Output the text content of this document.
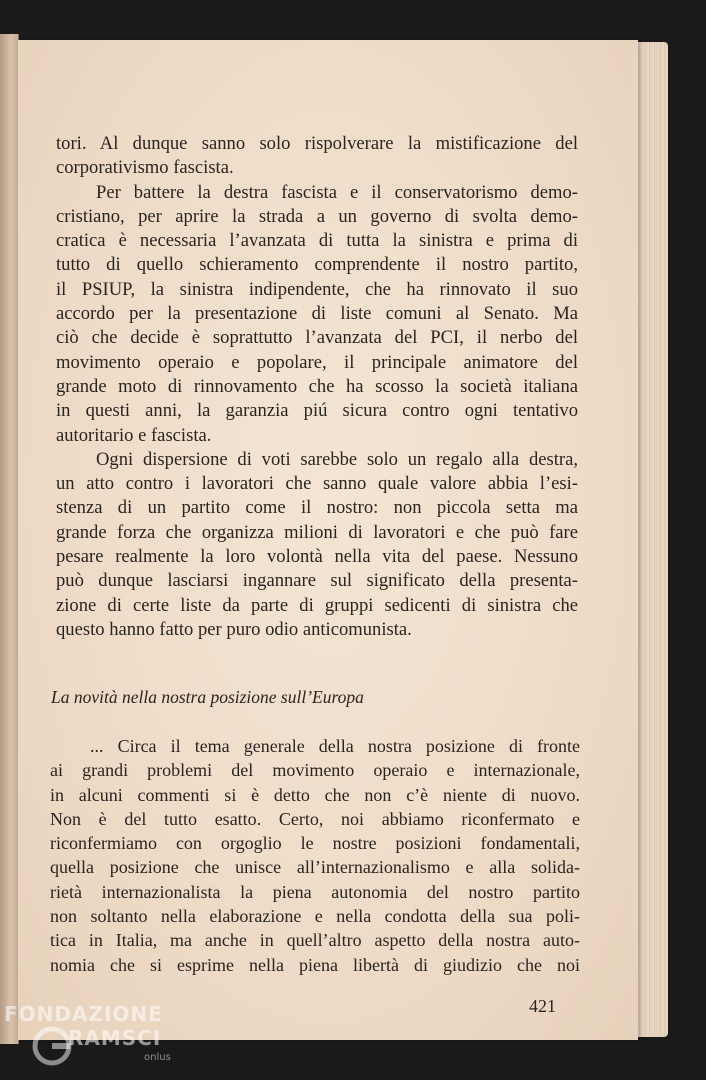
tori. Al dunque sanno solo rispolverare la mistificazione del
corporativismo fascista.
Per battere la destra fascista e il conservatorismo demo-
cristiano, per aprire la strada a un governo di svolta demo-
cratica è necessaria l’avanzata di tutta la sinistra e prima di
tutto di quello schieramento comprendente il nostro partito,
il PSIUP, la sinistra indipendente, che ha rinnovato il suo
accordo per la presentazione di liste comuni al Senato. Ma
ciò che decide è soprattutto l’avanzata del PCI, il nerbo del
movimento operaio e popolare, il principale animatore del
grande moto di rinnovamento che ha scosso la società italiana
in questi anni, la garanzia piú sicura contro ogni tentativo
autoritario e fascista.
Ogni dispersione di voti sarebbe solo un regalo alla destra,
un atto contro i lavoratori che sanno quale valore abbia l’esi-
stenza di un partito come il nostro: non piccola setta ma
grande forza che organizza milioni di lavoratori e che può fare
pesare realmente la loro volontà nella vita del paese. Nessuno
può dunque lasciarsi ingannare sul significato della presenta-
zione di certe liste da parte di gruppi sedicenti di sinistra che
questo hanno fatto per puro odio anticomunista.
La novità nella nostra posizione sull’Europa
... Circa il tema generale della nostra posizione di fronte
ai grandi problemi del movimento operaio e internazionale,
in alcuni commenti si è detto che non c’è niente di nuovo.
Non è del tutto esatto. Certo, noi abbiamo riconfermato e
riconfermiamo con orgoglio le nostre posizioni fondamentali,
quella posizione che unisce all’internazionalismo e alla solida-
rietà internazionalista la piena autonomia del nostro partito
non soltanto nella elaborazione e nella condotta della sua poli-
tica in Italia, ma anche in quell’altro aspetto della nostra auto-
nomia che si esprime nella piena libertà di giudizio che noi
421
FONDAZIONE
RAMSCI
onlus
